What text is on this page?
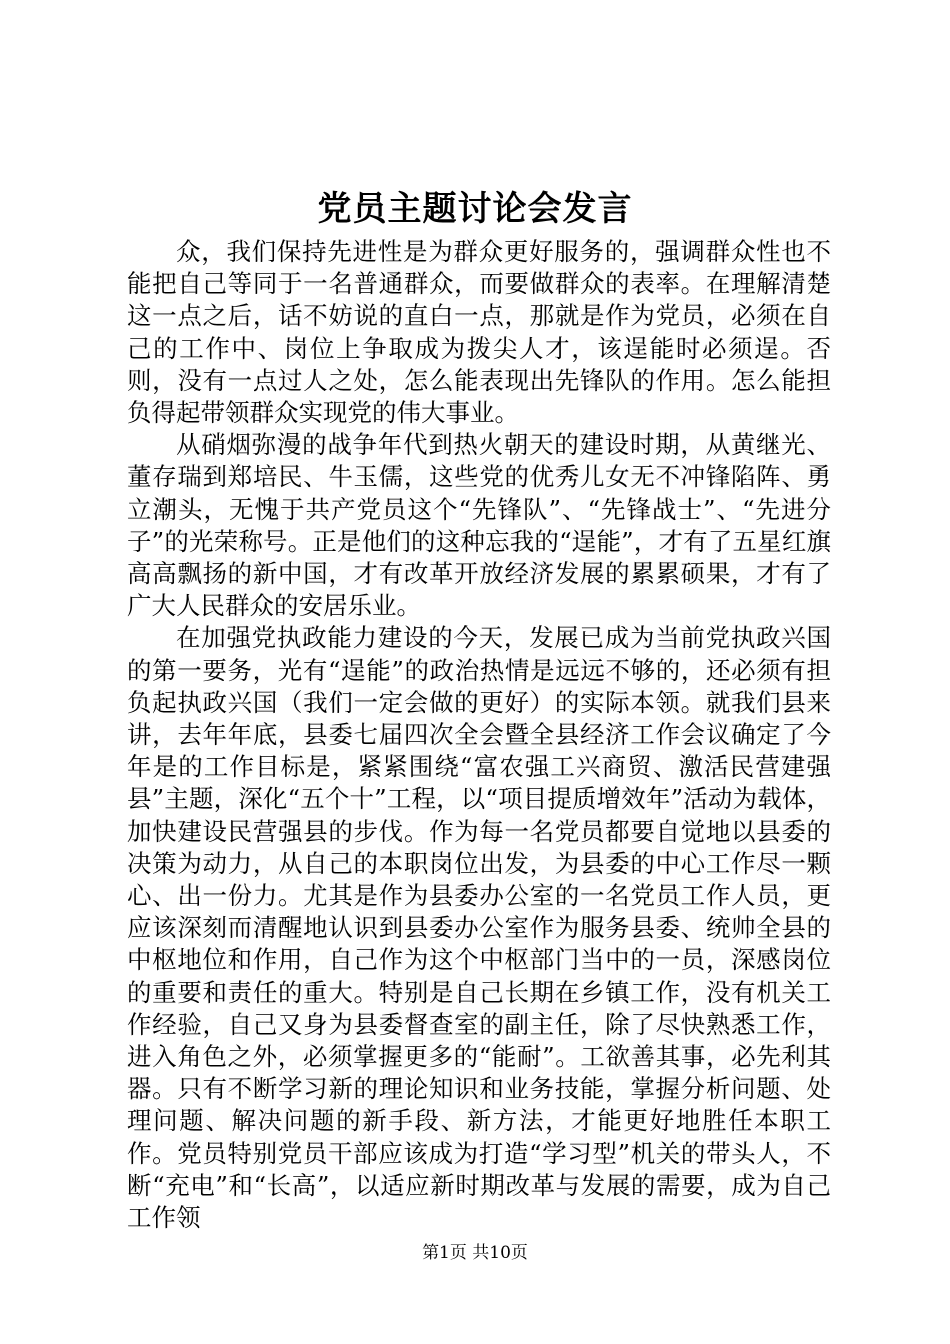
党员主题讨论会发言

众，我们保持先进性是为群众更好服务的，强调群众性也不能把自己等同于一名普通群众，而要做群众的表率。在理解清楚这一点之后，话不妨说的直白一点，那就是作为党员，必须在自己的工作中、岗位上争取成为拨尖人才，该逞能时必须逞。否则，没有一点过人之处，怎么能表现出先锋队的作用。怎么能担负得起带领群众实现党的伟大事业。

从硝烟弥漫的战争年代到热火朝天的建设时期，从黄继光、董存瑞到郑培民、牛玉儒，这些党的优秀儿女无不冲锋陷阵、勇立潮头，无愧于共产党员这个“先锋队”、“先锋战士”、“先进分子”的光荣称号。正是他们的这种忘我的“逞能”，才有了五星红旗高高飘扬的新中国，才有改革开放经济发展的累累硕果，才有了广大人民群众的安居乐业。

在加强党执政能力建设的今天，发展已成为当前党执政兴国的第一要务，光有“逞能”的政治热情是远远不够的，还必须有担负起执政兴国（我们一定会做的更好）的实际本领。就我们县来讲，去年年底，县委七届四次全会暨全县经济工作会议确定了今年是的工作目标是，紧紧围绕“富农强工兴商贸、激活民营建强县”主题，深化“五个十”工程，以“项目提质增效年”活动为载体，加快建设民营强县的步伐。作为每一名党员都要自觉地以县委的决策为动力，从自己的本职岗位出发，为县委的中心工作尽一颗心、出一份力。尤其是作为县委办公室的一名党员工作人员，更应该深刻而清醒地认识到县委办公室作为服务县委、统帅全县的中枢地位和作用，自己作为这个中枢部门当中的一员，深感岗位的重要和责任的重大。特别是自己长期在乡镇工作，没有机关工作经验，自己又身为县委督查室的副主任，除了尽快熟悉工作，进入角色之外，必须掌握更多的“能耐”。工欲善其事，必先利其器。只有不断学习新的理论知识和业务技能，掌握分析问题、处理问题、解决问题的新手段、新方法，才能更好地胜任本职工作。党员特别党员干部应该成为打造“学习型”机关的带头人，不断“充电”和“长高”，以适应新时期改革与发展的需要，成为自己工作领

第1页 共10页
